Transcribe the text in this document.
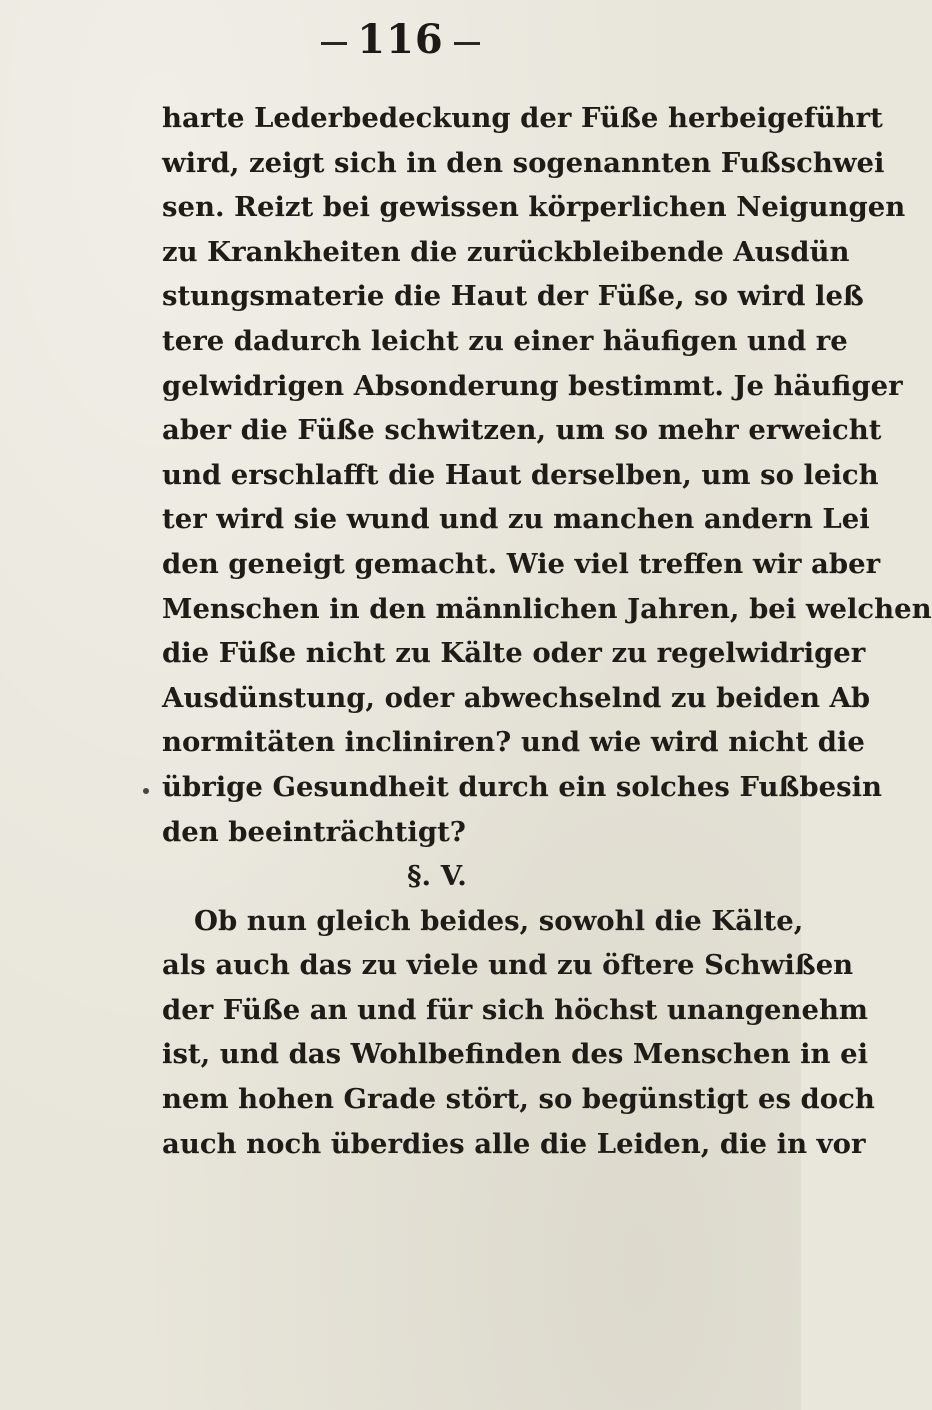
116
harte Lederbedeckung der Füße herbeigeführt
wird, zeigt sich in den sogenannten Fußschwei
sen. Reizt bei gewissen körperlichen Neigungen
zu Krankheiten die zurückbleibende Ausdün
stungsmaterie die Haut der Füße, so wird leß
tere dadurch leicht zu einer häufigen und re
gelwidrigen Absonderung bestimmt. Je häufiger
aber die Füße schwitzen, um so mehr erweicht
und erschlafft die Haut derselben, um so leich
ter wird sie wund und zu manchen andern Lei
den geneigt gemacht. Wie viel treffen wir aber
Menschen in den männlichen Jahren, bei welchen
die Füße nicht zu Kälte oder zu regelwidriger
Ausdünstung, oder abwechselnd zu beiden Ab
normitäten incliniren? und wie wird nicht die
übrige Gesundheit durch ein solches Fußbesin
den beeinträchtigt?
§. V.
Ob nun gleich beides, sowohl die Kälte,
als auch das zu viele und zu öftere Schwißen
der Füße an und für sich höchst unangenehm
ist, und das Wohlbefinden des Menschen in ei
nem hohen Grade stört, so begünstigt es doch
auch noch überdies alle die Leiden, die in vor
